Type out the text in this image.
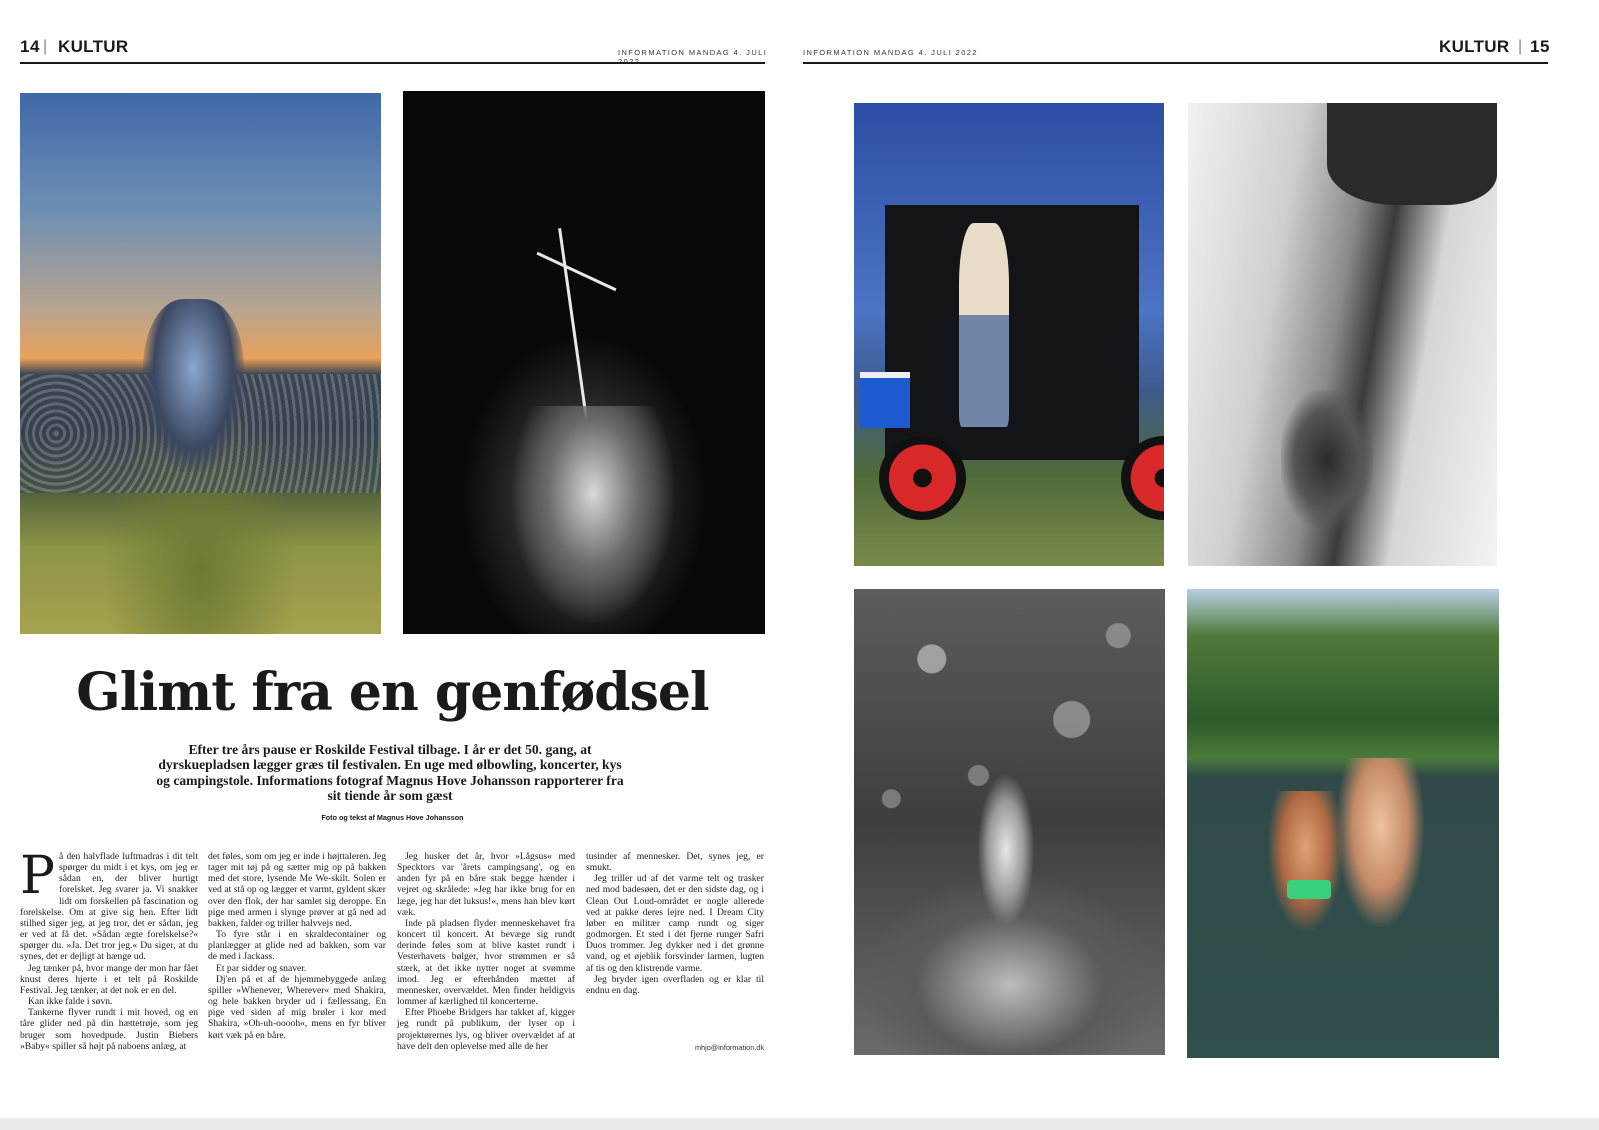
14 | KULTUR	INFORMATION MANDAG 4. JULI
Glimt fra en genfødsel

Efter tre års pause er Roskilde Festival tilbage. I år er det 50. gang, at dyrskuepladsen lægger græs til festivalen. En uge med ølbowling, koncerter, kys og campingstole. Informations fotograf Magnus Hove Johansson rapporterer fra sit tiende år som gæst

Foto og tekst af Magnus Hove Johansson

På den halvflade luftmadras i dit telt spørger du midt i et kys, om jeg er sådan en, der bliver hurtigt forelsket. Jeg svarer ja. Vi snakker lidt om forskellen på fascination og forelskelse. Om at give sig hen. Efter lidt stilhed siger jeg, at jeg tror, det er sådan, jeg er ved at få det. »Sådan ægte forelskelse?« spørger du. »Ja. Det tror jeg.« Du siger, at du synes, det er dejligt at hænge ud.

Jeg tænker på, hvor mange der mon har fået knust deres hjerte i et telt på Roskilde Festival. Jeg tænker, at det nok er en del.

Kan ikke falde i søvn.

Tankerne flyver rundt i mit hoved, og en tåre glider ned på din hættetrøje, som jeg bruger som hovedpude. Justin Biebers »Baby« spiller så højt på naboens anlæg, at

det føles, som om jeg er inde i højttaleren. Jeg tager mit tøj på og sætter mig op på bakken med det store, lysende Me We-skilt. Solen er ved at stå op og lægger et varmt, gyldent skær over den flok, der har samlet sig deroppe. En pige med armen i slynge prøver at gå ned ad bakken, falder og triller halvvejs ned.

To fyre står i en skraldecontainer og planlægger at glide ned ad bakken, som var de med i Jackass.

Et par sidder og snaver.

Dj'en på et af de hjemmebyggede anlæg spiller »Whenever, Wherever« med Shakira, og hele bakken bryder ud i fællessang. En pige ved siden af mig brøler i kor med Shakira, »Oh-uh-ooooh«, mens en fyr bliver kørt væk på en båre.

Jeg husker det år, hvor »Lågsus« med Specktors var 'årets campingsang', og en anden fyr på en båre stak begge hænder i vejret og skrålede: »Jeg har ikke brug for en læge, jeg har det luksus!«, mens han blev kørt væk.

Inde på pladsen flyder menneskehavet fra koncert til koncert. At bevæge sig rundt derinde føles som at blive kastet rundt i Vesterhavets bølger, hvor strømmen er så stærk, at det ikke nytter noget at svømme imod. Jeg er efterhånden mættet af mennesker, overvældet. Men finder heldigvis lommer af kærlighed til koncerterne.

Efter Phoebe Bridgers har takket af, kigger jeg rundt på publikum, der lyser op i projektørernes lys, og bliver overvældet af at have delt den oplevelse med alle de her

tusinder af mennesker. Det, synes jeg, er smukt.

Jeg triller ud af det varme telt og trasker ned mod badesøen, det er den sidste dag, og i Clean Out Loud-området er nogle allerede ved at pakke deres lejre ned. I Dream City løber en militær camp rundt og siger godmorgen. Et sted i det fjerne runger Safri Duos trommer. Jeg dykker ned i det grønne vand, og et øjeblik forsvinder larmen, lugten af tis og den klistrende varme.

Jeg bryder igen overfladen og er klar til endnu en dag.

mhjo@information.dk
INFORMATION MANDAG 4. JULI 2022	KULTUR | 15
